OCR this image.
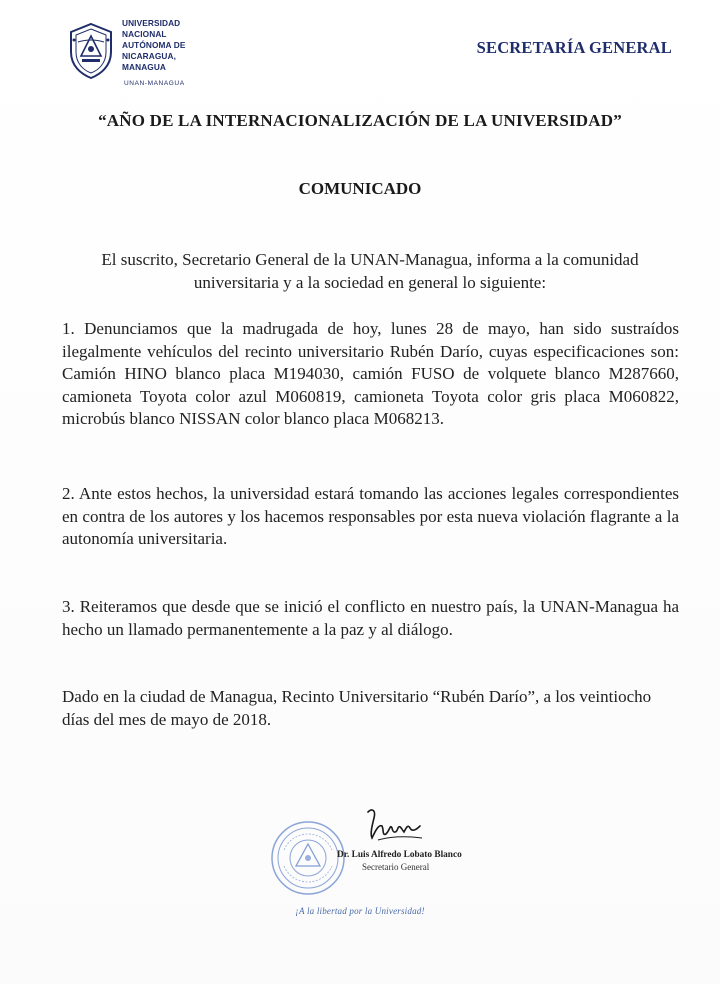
UNIVERSIDAD
NACIONAL
AUTÓNOMA DE
NICARAGUA,
MANAGUA
UNAN-MANAGUA
SECRETARÍA GENERAL
“AÑO DE LA INTERNACIONALIZACIÓN DE LA UNIVERSIDAD”
COMUNICADO
El suscrito, Secretario General de la UNAN-Managua, informa a la comunidad universitaria y a la sociedad en general lo siguiente:
1. Denunciamos que la madrugada de hoy, lunes 28 de mayo, han sido sustraídos ilegalmente vehículos del recinto universitario Rubén Darío, cuyas especificaciones son: Camión HINO blanco placa M194030, camión FUSO de volquete blanco M287660, camioneta Toyota color azul M060819, camioneta Toyota color gris placa M060822, microbús blanco NISSAN color blanco placa M068213.
2. Ante estos hechos, la universidad estará tomando las acciones legales correspondientes en contra de los autores y los hacemos responsables por esta nueva violación flagrante a la autonomía universitaria.
3. Reiteramos que desde que se inició el conflicto en nuestro país, la UNAN-Managua ha hecho un llamado permanentemente a la paz y al diálogo.
Dado en la ciudad de Managua, Recinto Universitario “Rubén Darío”, a los veintiocho días del mes de mayo de 2018.
Dr. Luis Alfredo Lobato Blanco
Secretario General
¡A la libertad por la Universidad!
